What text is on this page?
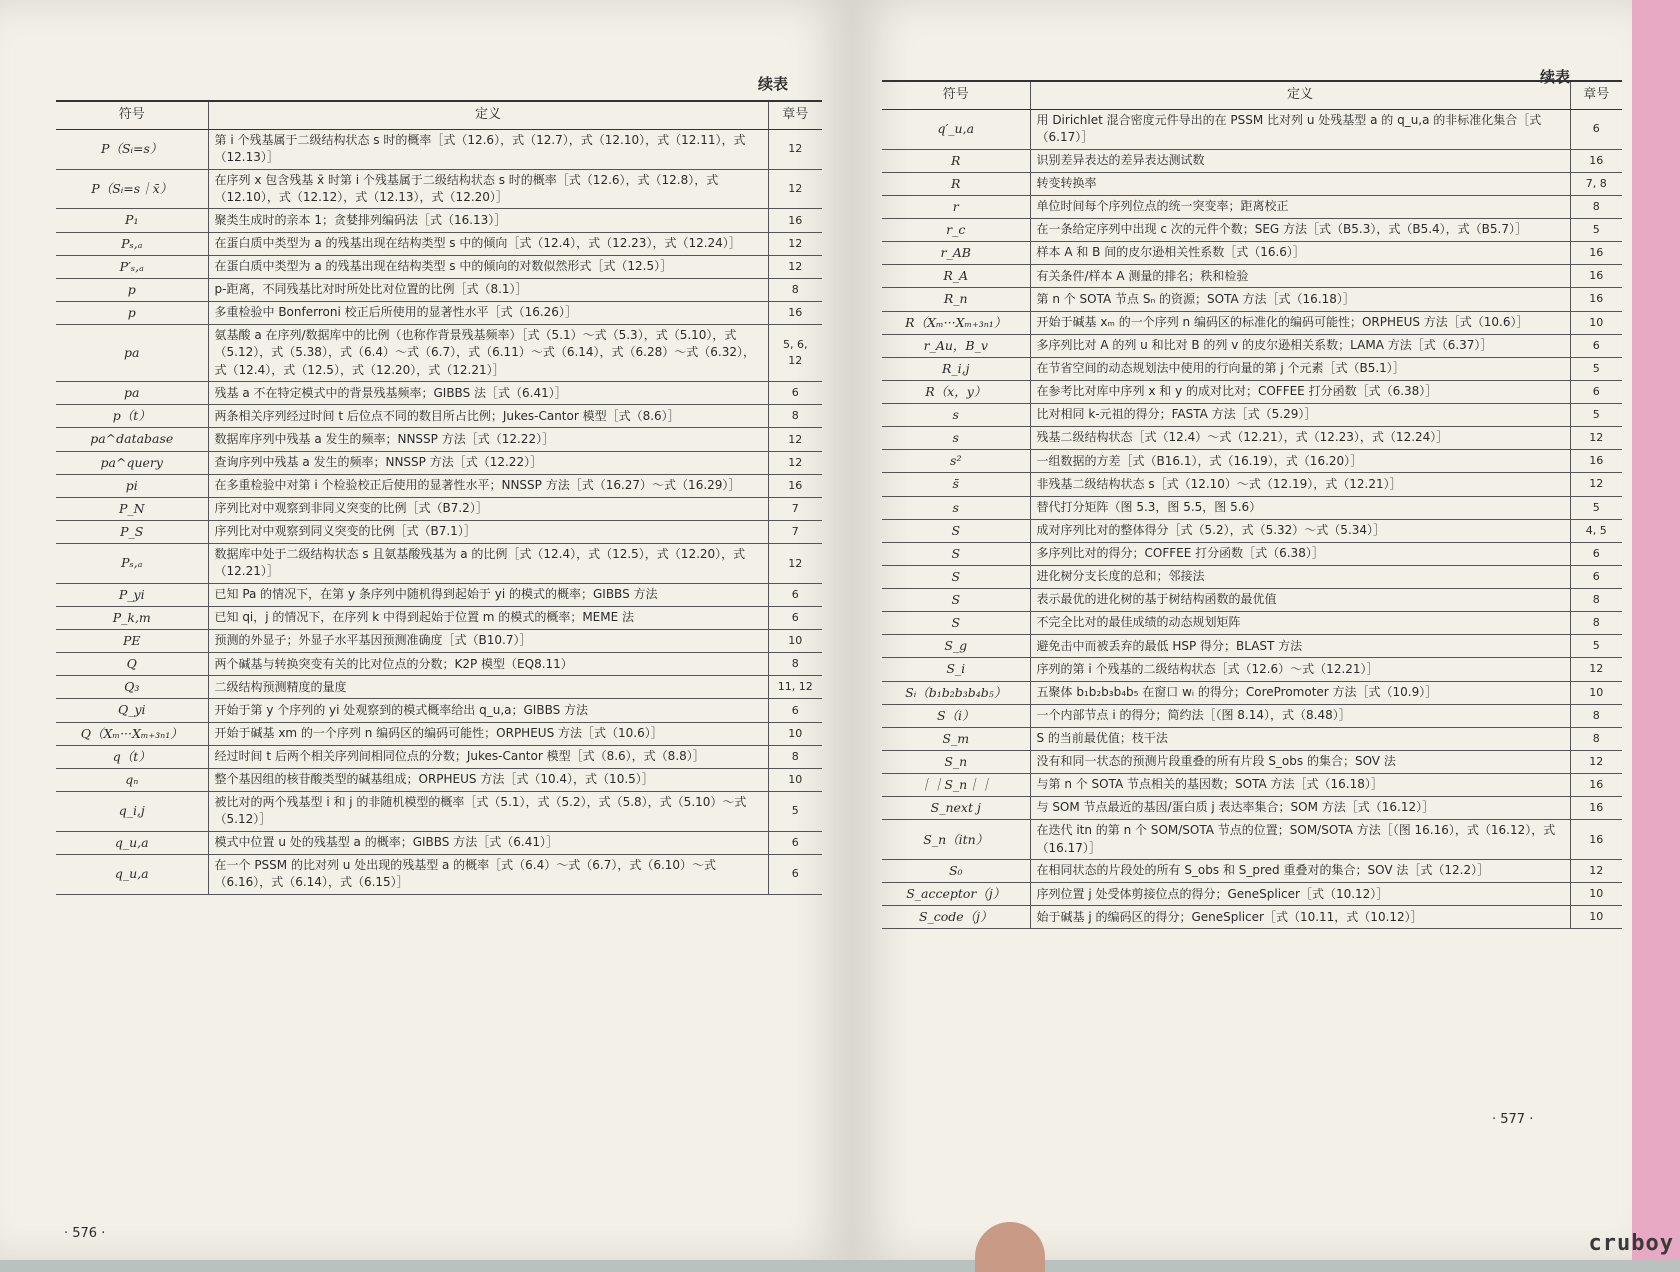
续表
符号	定义	章号
P（Sᵢ=s）	第 i 个残基属于二级结构状态 s 时的概率［式（12.6），式（12.7），式（12.10），式（12.11），式（12.13）］	12
P（Sᵢ=s｜x̄）	在序列 x 包含残基 x̄ 时第 i 个残基属于二级结构状态 s 时的概率［式（12.6），式（12.8），式（12.10），式（12.12），式（12.13），式（12.20）］	12
P₁	聚类生成时的亲本 1；贪婪排列编码法［式（16.13）］	16
Pₛ,ₐ	在蛋白质中类型为 a 的残基出现在结构类型 s 中的倾向［式（12.4），式（12.23），式（12.24）］	12
P′ₛ,ₐ	在蛋白质中类型为 a 的残基出现在结构类型 s 中的倾向的对数似然形式［式（12.5）］	12
p	p-距离，不同残基比对时所处比对位置的比例［式（8.1）］	8
p	多重检验中 Bonferroni 校正后所使用的显著性水平［式（16.26）］	16
pa	氨基酸 a 在序列/数据库中的比例（也称作背景残基频率）［式（5.1）～式（5.3），式（5.10），式（5.12），式（5.38），式（6.4）～式（6.7），式（6.11）～式（6.14），式（6.28）～式（6.32），式（12.4），式（12.5），式（12.20），式（12.21）］	5, 6, 12
pa	残基 a 不在特定模式中的背景残基频率；GIBBS 法［式（6.41）］	6
p（t）	两条相关序列经过时间 t 后位点不同的数目所占比例；Jukes-Cantor 模型［式（8.6）］	8
pa^database	数据库序列中残基 a 发生的频率；NNSSP 方法［式（12.22）］	12
pa^query	查询序列中残基 a 发生的频率；NNSSP 方法［式（12.22）］	12
pi	在多重检验中对第 i 个检验校正后使用的显著性水平；NNSSP 方法［式（16.27）～式（16.29）］	16
P_N	序列比对中观察到非同义突变的比例［式（B7.2）］	7
P_S	序列比对中观察到同义突变的比例［式（B7.1）］	7
Pₛ,ₐ	数据库中处于二级结构状态 s 且氨基酸残基为 a 的比例［式（12.4），式（12.5），式（12.20），式（12.21）］	12
P_yi	已知 Pa 的情况下，在第 y 条序列中随机得到起始于 yi 的模式的概率；GIBBS 方法	6
P_k,m	已知 qi，j 的情况下，在序列 k 中得到起始于位置 m 的模式的概率；MEME 法	6
PE	预测的外显子；外显子水平基因预测准确度［式（B10.7）］	10
Q	两个碱基与转换突变有关的比对位点的分数；K2P 模型（EQ8.11）	8
Q₃	二级结构预测精度的量度	11, 12
Q_yi	开始于第 y 个序列的 yi 处观察到的模式概率给出 q_u,a；GIBBS 方法	6
Q（Xₘ···Xₘ₊₃ₙ₁）	开始于碱基 xm 的一个序列 n 编码区的编码可能性；ORPHEUS 方法［式（10.6）］	10
q（t）	经过时间 t 后两个相关序列间相同位点的分数；Jukes-Cantor 模型［式（8.6），式（8.8）］	8
qₙ	整个基因组的核苷酸类型的碱基组成；ORPHEUS 方法［式（10.4），式（10.5）］	10
q_i,j	被比对的两个残基型 i 和 j 的非随机模型的概率［式（5.1），式（5.2），式（5.8），式（5.10）～式（5.12）］	5
q_u,a	模式中位置 u 处的残基型 a 的概率；GIBBS 方法［式（6.41）］	6
q_u,a	在一个 PSSM 的比对列 u 处出现的残基型 a 的概率［式（6.4）～式（6.7），式（6.10）～式（6.16），式（6.14），式（6.15）］	6
· 576 ·
续表
符号	定义	章号
q′_u,a	用 Dirichlet 混合密度元件导出的在 PSSM 比对列 u 处残基型 a 的 q_u,a 的非标准化集合［式（6.17）］	6
R	识别差异表达的差异表达测试数	16
R	转变转换率	7, 8
r	单位时间每个序列位点的统一突变率；距离校正	8
r_c	在一条给定序列中出现 c 次的元件个数；SEG 方法［式（B5.3），式（B5.4），式（B5.7）］	5
r_AB	样本 A 和 B 间的皮尔逊相关性系数［式（16.6）］	16
R_A	有关条件/样本 A 测量的排名；秩和检验	16
R_n	第 n 个 SOTA 节点 Sₙ 的资源；SOTA 方法［式（16.18）］	16
R（Xₘ···Xₘ₊₃ₙ₁）	开始于碱基 xₘ 的一个序列 n 编码区的标准化的编码可能性；ORPHEUS 方法［式（10.6）］	10
r_Au，B_v	多序列比对 A 的列 u 和比对 B 的列 v 的皮尔逊相关系数；LAMA 方法［式（6.37）］	6
R_i,j	在节省空间的动态规划法中使用的行向量的第 j 个元素［式（B5.1）］	5
R（x，y）	在参考比对库中序列 x 和 y 的成对比对；COFFEE 打分函数［式（6.38）］	6
s	比对相同 k-元祖的得分；FASTA 方法［式（5.29）］	5
s	残基二级结构状态［式（12.4）～式（12.21），式（12.23），式（12.24）］	12
s²	一组数据的方差［式（B16.1），式（16.19），式（16.20）］	16
s̄	非残基二级结构状态 s［式（12.10）～式（12.19），式（12.21）］	12
s	替代打分矩阵（图 5.3，图 5.5，图 5.6）	5
S	成对序列比对的整体得分［式（5.2），式（5.32）～式（5.34）］	4, 5
S	多序列比对的得分；COFFEE 打分函数［式（6.38）］	6
S	进化树分支长度的总和；邻接法	6
S	表示最优的进化树的基于树结构函数的最优值	8
S	不完全比对的最佳成绩的动态规划矩阵	8
S_g	避免击中而被丢弃的最低 HSP 得分；BLAST 方法	5
S_i	序列的第 i 个残基的二级结构状态［式（12.6）～式（12.21）］	12
Sᵢ（b₁b₂b₃b₄b₅）	五聚体 b₁b₂b₃b₄b₅ 在窗口 wᵢ 的得分；CorePromoter 方法［式（10.9）］	10
S（i）	一个内部节点 i 的得分；简约法［（图 8.14），式（8.48）］	8
S_m	S 的当前最优值；枝干法	8
S_n	没有和同一状态的预测片段重叠的所有片段 S_obs 的集合；SOV 法	12
｜｜S_n｜｜	与第 n 个 SOTA 节点相关的基因数；SOTA 方法［式（16.18）］	16
S_next j	与 SOM 节点最近的基因/蛋白质 j 表达率集合；SOM 方法［式（16.12）］	16
S_n（itn）	在迭代 itn 的第 n 个 SOM/SOTA 节点的位置；SOM/SOTA 方法［（图 16.16），式（16.12），式（16.17）］	16
S₀	在相同状态的片段处的所有 S_obs 和 S_pred 重叠对的集合；SOV 法［式（12.2）］	12
S_acceptor（j）	序列位置 j 处受体剪接位点的得分；GeneSplicer［式（10.12）］	10
S_code（j）	始于碱基 j 的编码区的得分；GeneSplicer［式（10.11，式（10.12）］	10
· 577 ·
cruboy
